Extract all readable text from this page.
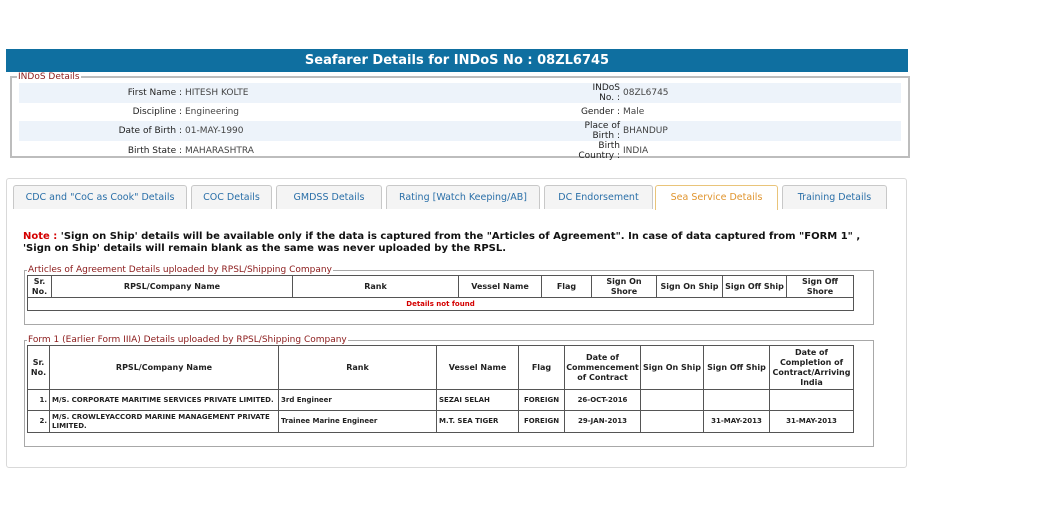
Seafarer Details for INDoS No : 08ZL6745
INDoS Details
First Name :	HITESH KOLTE	INDoS No. :	08ZL6745
Discipline :	Engineering	Gender :	Male
Date of Birth :	01-MAY-1990	Place of Birth :	BHANDUP
Birth State :	MAHARASHTRA	Birth Country :	INDIA
CDC and "CoC as Cook" Details	COC Details	GMDSS Details	Rating [Watch Keeping/AB]	DC Endorsement	Sea Service Details	Training Details
Note : 'Sign on Ship' details will be available only if the data is captured from the "Articles of Agreement". In case of data captured from "FORM 1" , 'Sign on Ship' details will remain blank as the same was never uploaded by the RPSL.
Articles of Agreement Details uploaded by RPSL/Shipping Company
Sr. No.	RPSL/Company Name	Rank	Vessel Name	Flag	Sign On Shore	Sign On Ship	Sign Off Ship	Sign Off Shore
Details not found
Form 1 (Earlier Form IIIA) Details uploaded by RPSL/Shipping Company
Sr. No.	RPSL/Company Name	Rank	Vessel Name	Flag	Date of Commencement of Contract	Sign On Ship	Sign Off Ship	Date of Completion of Contract/Arriving India
1.	M/S. CORPORATE MARITIME SERVICES PRIVATE LIMITED.	3rd Engineer	SEZAI SELAH	FOREIGN	26-OCT-2016			
2.	M/S. CROWLEYACCORD MARINE MANAGEMENT PRIVATE LIMITED.	Trainee Marine Engineer	M.T. SEA TIGER	FOREIGN	29-JAN-2013		31-MAY-2013	31-MAY-2013
